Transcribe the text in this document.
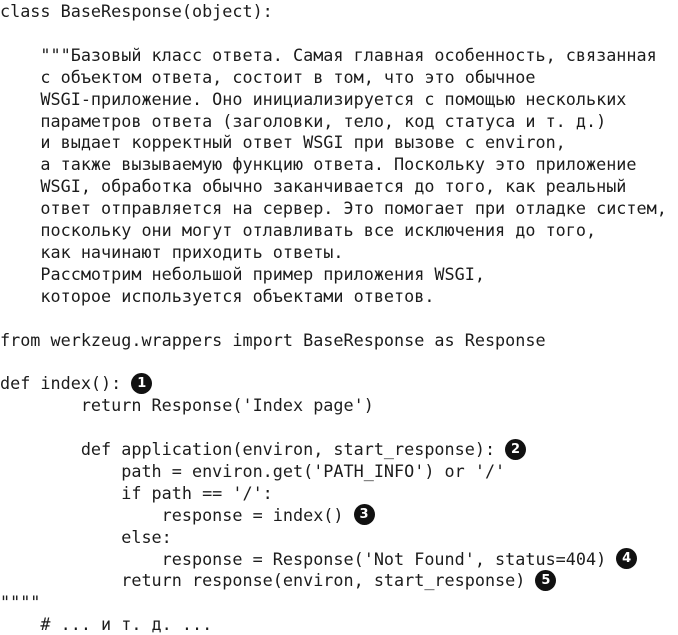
class BaseResponse(object):
"""Базовый класс ответа. Самая главная особенность, связанная
с объектом ответа, состоит в том, что это обычное
WSGI-приложение. Оно инициализируется с помощью нескольких
параметров ответа (заголовки, тело, код статуса и т. д.)
и выдает корректный ответ WSGI при вызове с environ,
а также вызываемую функцию ответа. Поскольку это приложение
WSGI, обработка обычно заканчивается до того, как реальный
ответ отправляется на сервер. Это помогает при отладке систем,
поскольку они могут отлавливать все исключения до того,
как начинают приходить ответы.
Рассмотрим небольшой пример приложения WSGI,
которое используется объектами ответов.
from werkzeug.wrappers import BaseResponse as Response
def index(): 1
return Response('Index page')
def application(environ, start_response): 2
path = environ.get('PATH_INFO') or '/'
if path == '/':
response = index() 3
else:
response = Response('Not Found', status=404) 4
return response(environ, start_response) 5
""""
# ... и т. д. ...
